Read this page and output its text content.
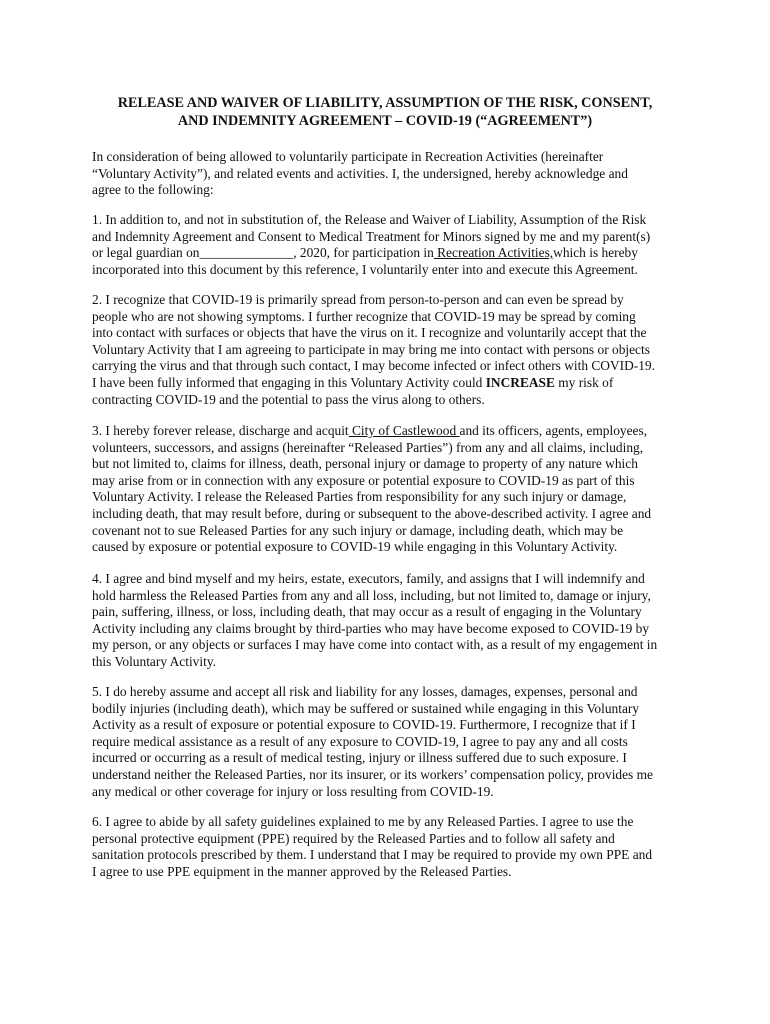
RELEASE AND WAIVER OF LIABILITY, ASSUMPTION OF THE RISK, CONSENT,
AND INDEMNITY AGREEMENT – COVID-19 (“AGREEMENT”)
In consideration of being allowed to voluntarily participate in Recreation Activities (hereinafter
“Voluntary Activity”), and related events and activities. I, the undersigned, hereby acknowledge and
agree to the following:
1. In addition to, and not in substitution of, the Release and Waiver of Liability, Assumption of the Risk
and Indemnity Agreement and Consent to Medical Treatment for Minors signed by me and my parent(s)
or legal guardian on______________, 2020, for participation in Recreation Activities,which is hereby
incorporated into this document by this reference, I voluntarily enter into and execute this Agreement.
2. I recognize that COVID-19 is primarily spread from person-to-person and can even be spread by
people who are not showing symptoms. I further recognize that COVID-19 may be spread by coming
into contact with surfaces or objects that have the virus on it. I recognize and voluntarily accept that the
Voluntary Activity that I am agreeing to participate in may bring me into contact with persons or objects
carrying the virus and that through such contact, I may become infected or infect others with COVID-19.
I have been fully informed that engaging in this Voluntary Activity could INCREASE my risk of
contracting COVID-19 and the potential to pass the virus along to others.
3. I hereby forever release, discharge and acquit City of Castlewood and its officers, agents, employees,
volunteers, successors, and assigns (hereinafter “Released Parties”) from any and all claims, including,
but not limited to, claims for illness, death, personal injury or damage to property of any nature which
may arise from or in connection with any exposure or potential exposure to COVID-19 as part of this
Voluntary Activity. I release the Released Parties from responsibility for any such injury or damage,
including death, that may result before, during or subsequent to the above-described activity. I agree and
covenant not to sue Released Parties for any such injury or damage, including death, which may be
caused by exposure or potential exposure to COVID-19 while engaging in this Voluntary Activity.
4. I agree and bind myself and my heirs, estate, executors, family, and assigns that I will indemnify and
hold harmless the Released Parties from any and all loss, including, but not limited to, damage or injury,
pain, suffering, illness, or loss, including death, that may occur as a result of engaging in the Voluntary
Activity including any claims brought by third-parties who may have become exposed to COVID-19 by
my person, or any objects or surfaces I may have come into contact with, as a result of my engagement in
this Voluntary Activity.
5. I do hereby assume and accept all risk and liability for any losses, damages, expenses, personal and
bodily injuries (including death), which may be suffered or sustained while engaging in this Voluntary
Activity as a result of exposure or potential exposure to COVID-19. Furthermore, I recognize that if I
require medical assistance as a result of any exposure to COVID-19, I agree to pay any and all costs
incurred or occurring as a result of medical testing, injury or illness suffered due to such exposure. I
understand neither the Released Parties, nor its insurer, or its workers’ compensation policy, provides me
any medical or other coverage for injury or loss resulting from COVID-19.
6. I agree to abide by all safety guidelines explained to me by any Released Parties. I agree to use the
personal protective equipment (PPE) required by the Released Parties and to follow all safety and
sanitation protocols prescribed by them. I understand that I may be required to provide my own PPE and
I agree to use PPE equipment in the manner approved by the Released Parties.
